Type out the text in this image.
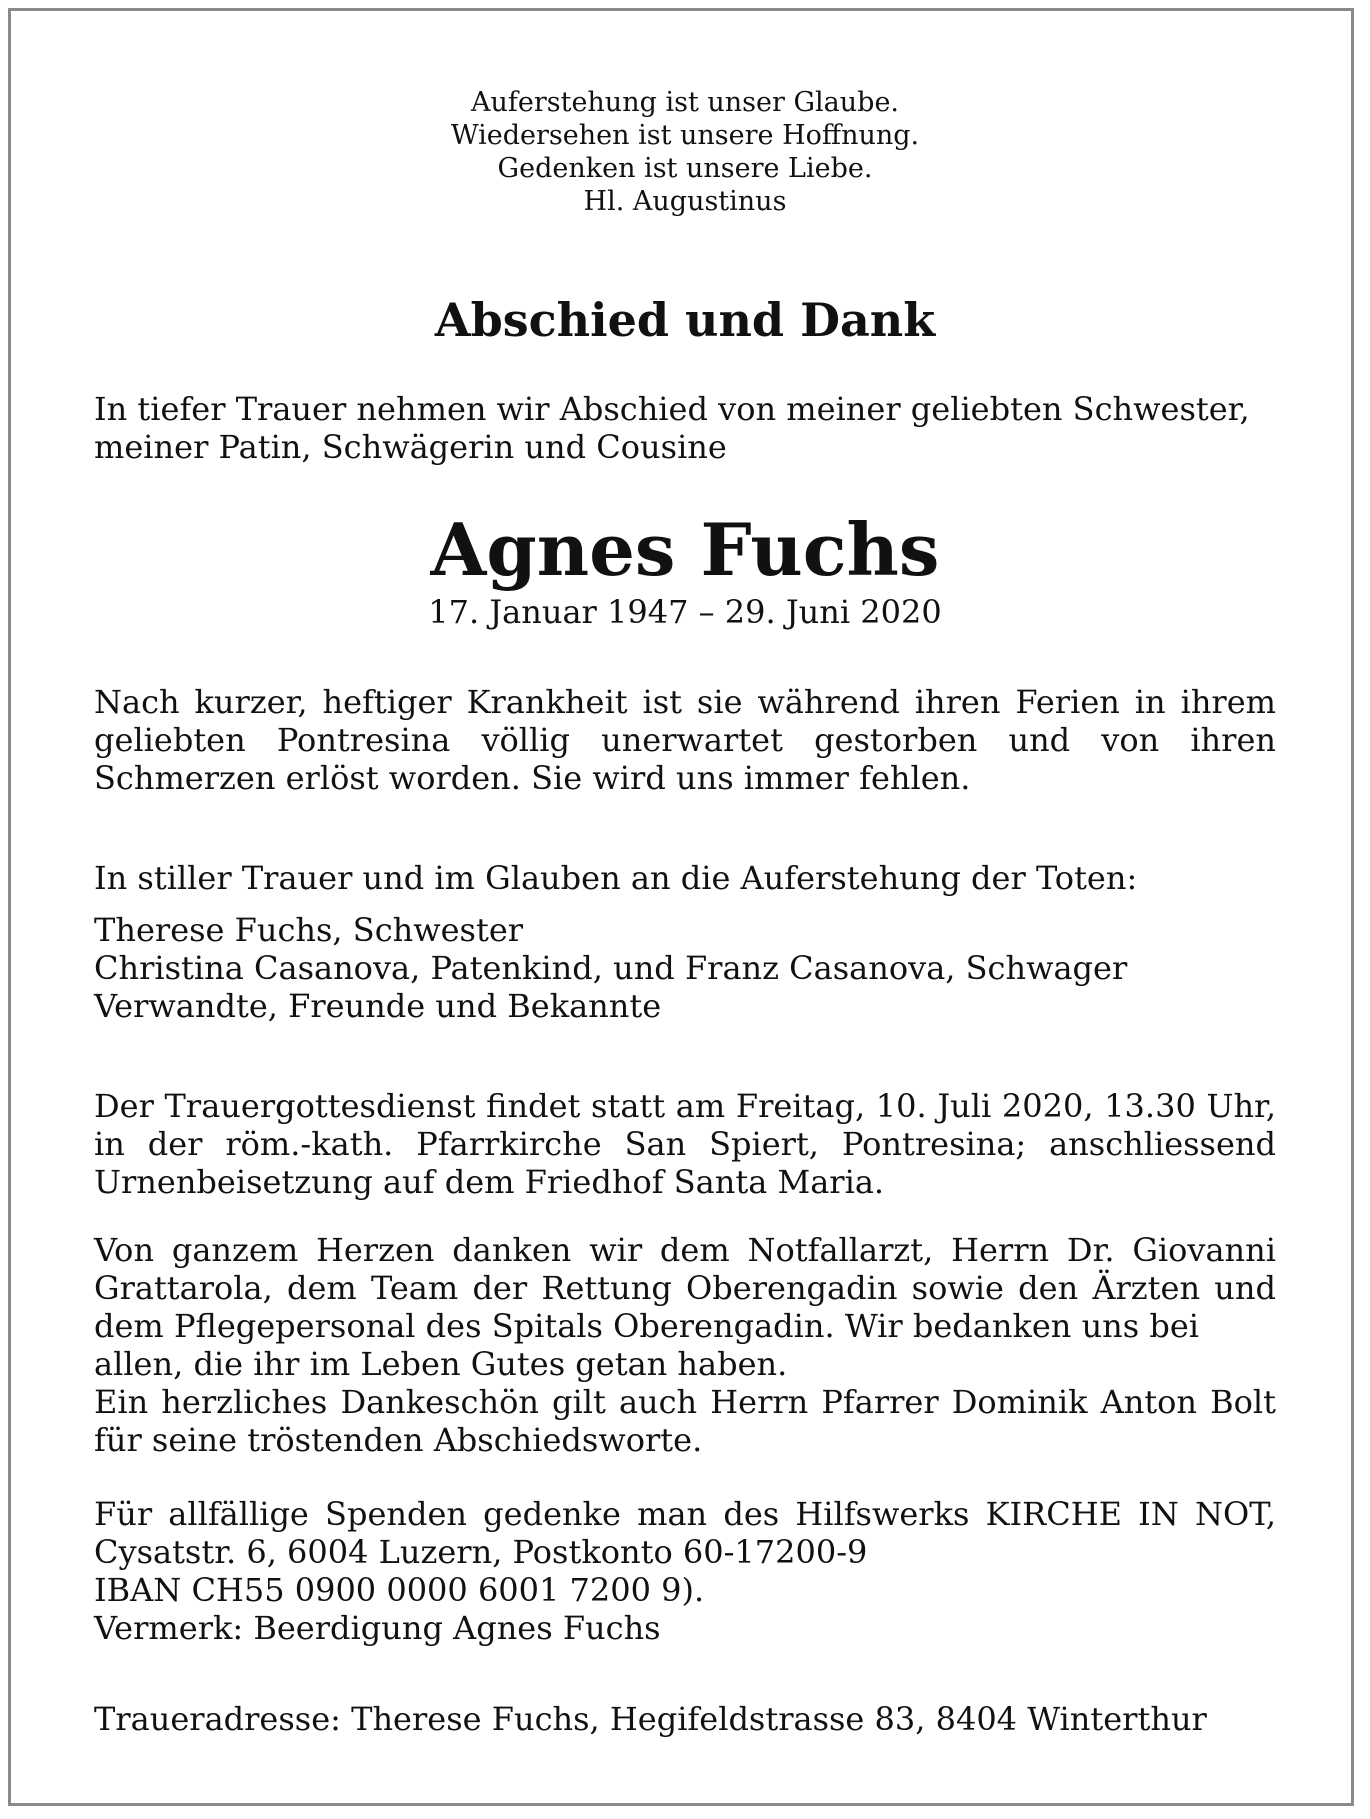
Auferstehung ist unser Glaube.
Wiedersehen ist unsere Hoffnung.
Gedenken ist unsere Liebe.
Hl. Augustinus
Abschied und Dank
In tiefer Trauer nehmen wir Abschied von meiner geliebten Schwester,
meiner Patin, Schwägerin und Cousine
Agnes Fuchs
17. Januar 1947 – 29. Juni 2020
Nach kurzer, heftiger Krankheit ist sie während ihren Ferien in ihrem
geliebten Pontresina völlig unerwartet gestorben und von ihren
Schmerzen erlöst worden. Sie wird uns immer fehlen.
In stiller Trauer und im Glauben an die Auferstehung der Toten:
Therese Fuchs, Schwester
Christina Casanova, Patenkind, und Franz Casanova, Schwager
Verwandte, Freunde und Bekannte
Der Trauergottesdienst findet statt am Freitag, 10. Juli 2020, 13.30 Uhr,
in der röm.-kath. Pfarrkirche San Spiert, Pontresina; anschliessend
Urnenbeisetzung auf dem Friedhof Santa Maria.
Von ganzem Herzen danken wir dem Notfallarzt, Herrn Dr. Giovanni
Grattarola, dem Team der Rettung Oberengadin sowie den Ärzten und
dem Pflegepersonal des Spitals Oberengadin. Wir bedanken uns bei
allen, die ihr im Leben Gutes getan haben.
Ein herzliches Dankeschön gilt auch Herrn Pfarrer Dominik Anton Bolt
für seine tröstenden Abschiedsworte.
Für allfällige Spenden gedenke man des Hilfswerks KIRCHE IN NOT,
Cysatstr. 6, 6004 Luzern, Postkonto 60-17200-9
IBAN CH55 0900 0000 6001 7200 9).
Vermerk: Beerdigung Agnes Fuchs
Traueradresse: Therese Fuchs, Hegifeldstrasse 83, 8404 Winterthur
